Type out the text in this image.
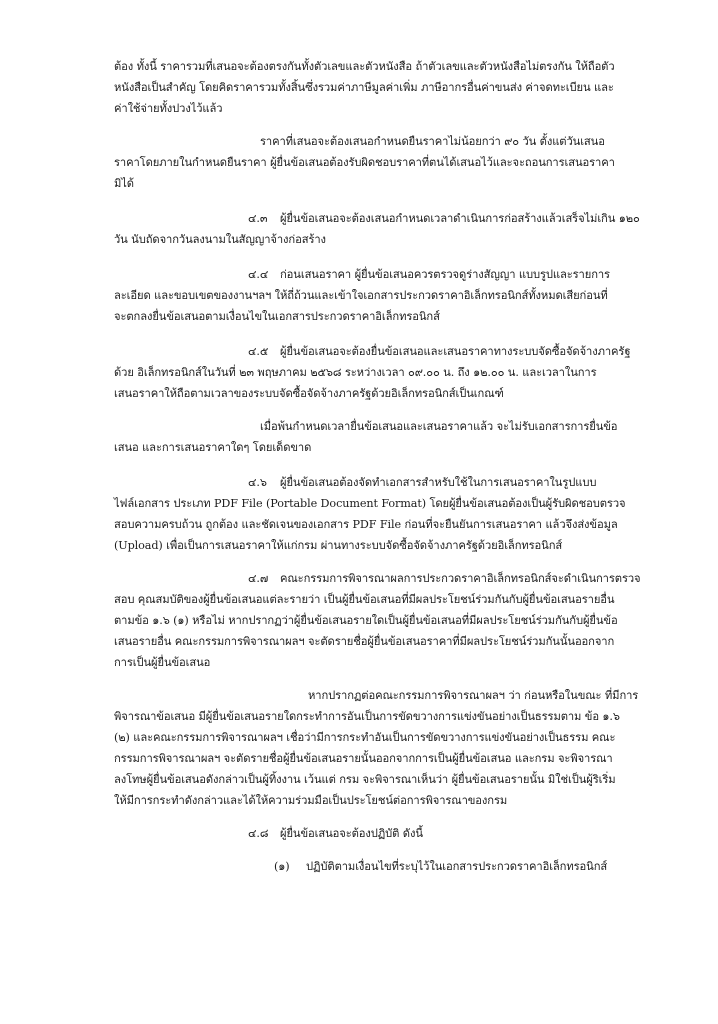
ต้อง ทั้งนี้ ราคารวมที่เสนอจะต้องตรงกันทั้งตัวเลขและตัวหนังสือ ถ้าตัวเลขและตัวหนังสือไม่ตรงกัน ให้ถือตัว
หนังสือเป็นสำคัญ โดยคิดราคารวมทั้งสิ้นซึ่งรวมค่าภาษีมูลค่าเพิ่ม ภาษีอากรอื่นค่าขนส่ง ค่าจดทะเบียน และ
ค่าใช้จ่ายทั้งปวงไว้แล้ว
ราคาที่เสนอจะต้องเสนอกำหนดยืนราคาไม่น้อยกว่า ๙๐ วัน ตั้งแต่วันเสนอ
ราคาโดยภายในกำหนดยืนราคา ผู้ยื่นข้อเสนอต้องรับผิดชอบราคาที่ตนได้เสนอไว้และจะถอนการเสนอราคา
มิได้
๔.๓ ผู้ยื่นข้อเสนอจะต้องเสนอกำหนดเวลาดำเนินการก่อสร้างแล้วเสร็จไม่เกิน ๑๒๐
วัน นับถัดจากวันลงนามในสัญญาจ้างก่อสร้าง
๔.๔ ก่อนเสนอราคา ผู้ยื่นข้อเสนอควรตรวจดูร่างสัญญา แบบรูปและรายการ
ละเอียด และขอบเขตของงานฯลฯ ให้ถี่ถ้วนและเข้าใจเอกสารประกวดราคาอิเล็กทรอนิกส์ทั้งหมดเสียก่อนที่
จะตกลงยื่นข้อเสนอตามเงื่อนไขในเอกสารประกวดราคาอิเล็กทรอนิกส์
๔.๕ ผู้ยื่นข้อเสนอจะต้องยื่นข้อเสนอและเสนอราคาทางระบบจัดซื้อจัดจ้างภาครัฐ
ด้วย อิเล็กทรอนิกส์ในวันที่ ๒๓ พฤษภาคม ๒๕๖๘ ระหว่างเวลา ๐๙.๐๐ น. ถึง ๑๒.๐๐ น. และเวลาในการ
เสนอราคาให้ถือตามเวลาของระบบจัดซื้อจัดจ้างภาครัฐด้วยอิเล็กทรอนิกส์เป็นเกณฑ์
เมื่อพ้นกำหนดเวลายื่นข้อเสนอและเสนอราคาแล้ว จะไม่รับเอกสารการยื่นข้อ
เสนอ และการเสนอราคาใดๆ โดยเด็ดขาด
๔.๖ ผู้ยื่นข้อเสนอต้องจัดทำเอกสารสำหรับใช้ในการเสนอราคาในรูปแบบ
ไฟล์เอกสาร ประเภท PDF File (Portable Document Format) โดยผู้ยื่นข้อเสนอต้องเป็นผู้รับผิดชอบตรวจ
สอบความครบถ้วน ถูกต้อง และชัดเจนของเอกสาร PDF File ก่อนที่จะยืนยันการเสนอราคา แล้วจึงส่งข้อมูล
(Upload) เพื่อเป็นการเสนอราคาให้แก่กรม ผ่านทางระบบจัดซื้อจัดจ้างภาครัฐด้วยอิเล็กทรอนิกส์
๔.๗ คณะกรรมการพิจารณาผลการประกวดราคาอิเล็กทรอนิกส์จะดำเนินการตรวจ
สอบ คุณสมบัติของผู้ยื่นข้อเสนอแต่ละรายว่า เป็นผู้ยื่นข้อเสนอที่มีผลประโยชน์ร่วมกันกับผู้ยื่นข้อเสนอรายอื่น
ตามข้อ ๑.๖ (๑) หรือไม่ หากปรากฏว่าผู้ยื่นข้อเสนอรายใดเป็นผู้ยื่นข้อเสนอที่มีผลประโยชน์ร่วมกันกับผู้ยื่นข้อ
เสนอรายอื่น คณะกรรมการพิจารณาผลฯ จะตัดรายชื่อผู้ยื่นข้อเสนอราคาที่มีผลประโยชน์ร่วมกันนั้นออกจาก
การเป็นผู้ยื่นข้อเสนอ
หากปรากฏต่อคณะกรรมการพิจารณาผลฯ ว่า ก่อนหรือในขณะ ที่มีการ
พิจารณาข้อเสนอ มีผู้ยื่นข้อเสนอรายใดกระทำการอันเป็นการขัดขวางการแข่งขันอย่างเป็นธรรมตาม ข้อ ๑.๖
(๒) และคณะกรรมการพิจารณาผลฯ เชื่อว่ามีการกระทำอันเป็นการขัดขวางการแข่งขันอย่างเป็นธรรม คณะ
กรรมการพิจารณาผลฯ จะตัดรายชื่อผู้ยื่นข้อเสนอรายนั้นออกจากการเป็นผู้ยื่นข้อเสนอ และกรม จะพิจารณา
ลงโทษผู้ยื่นข้อเสนอดังกล่าวเป็นผู้ทิ้งงาน เว้นแต่ กรม จะพิจารณาเห็นว่า ผู้ยื่นข้อเสนอรายนั้น มิใช่เป็นผู้ริเริ่ม
ให้มีการกระทำดังกล่าวและได้ให้ความร่วมมือเป็นประโยชน์ต่อการพิจารณาของกรม
๔.๘ ผู้ยื่นข้อเสนอจะต้องปฏิบัติ ดังนี้
(๑) ปฏิบัติตามเงื่อนไขที่ระบุไว้ในเอกสารประกวดราคาอิเล็กทรอนิกส์
